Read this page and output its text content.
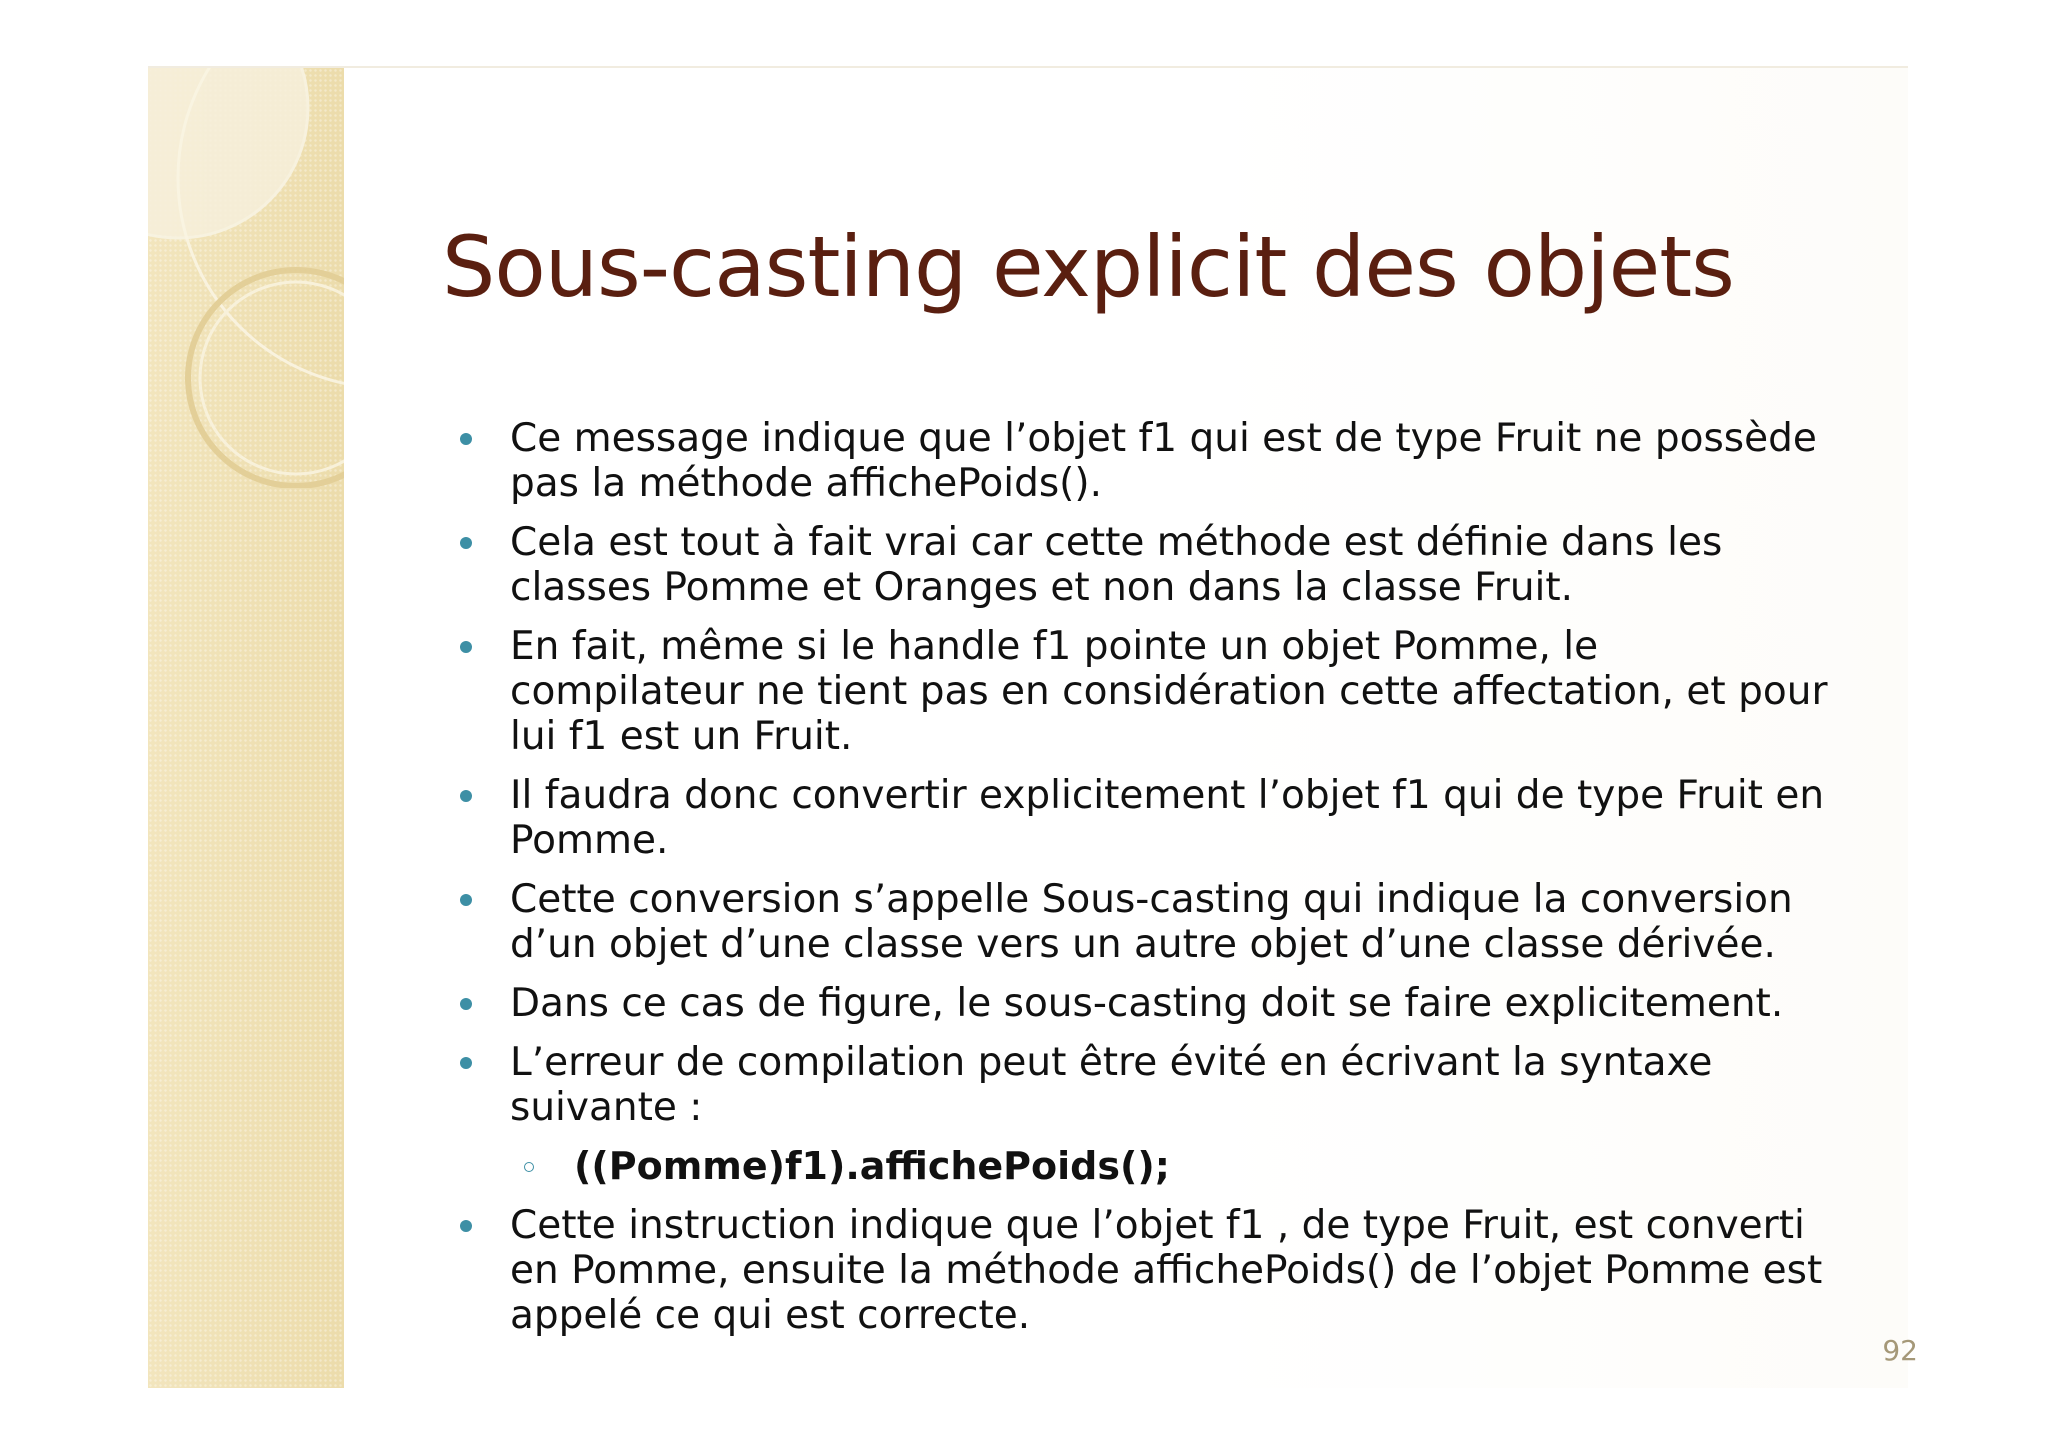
Sous-casting explicit des objets
Ce message indique que l’objet f1 qui est de type Fruit ne possède pas la méthode affichePoids().
Cela est tout à fait vrai car cette méthode est définie dans les classes Pomme et Oranges et non dans la classe Fruit.
En fait, même si le handle f1 pointe un objet Pomme, le compilateur ne tient pas en considération cette affectation, et pour lui f1 est un Fruit.
Il faudra donc convertir explicitement l’objet f1 qui de type Fruit en Pomme.
Cette conversion s’appelle Sous-casting qui indique la conversion d’un objet d’une classe vers un autre objet d’une classe dérivée.
Dans ce cas de figure, le sous-casting doit se faire explicitement.
L’erreur de compilation peut être évité en écrivant la syntaxe suivante :
((Pomme)f1).affichePoids();
Cette instruction indique que l’objet f1 , de type Fruit, est converti en Pomme, ensuite la méthode affichePoids() de l’objet Pomme est appelé ce qui est correcte.
92
